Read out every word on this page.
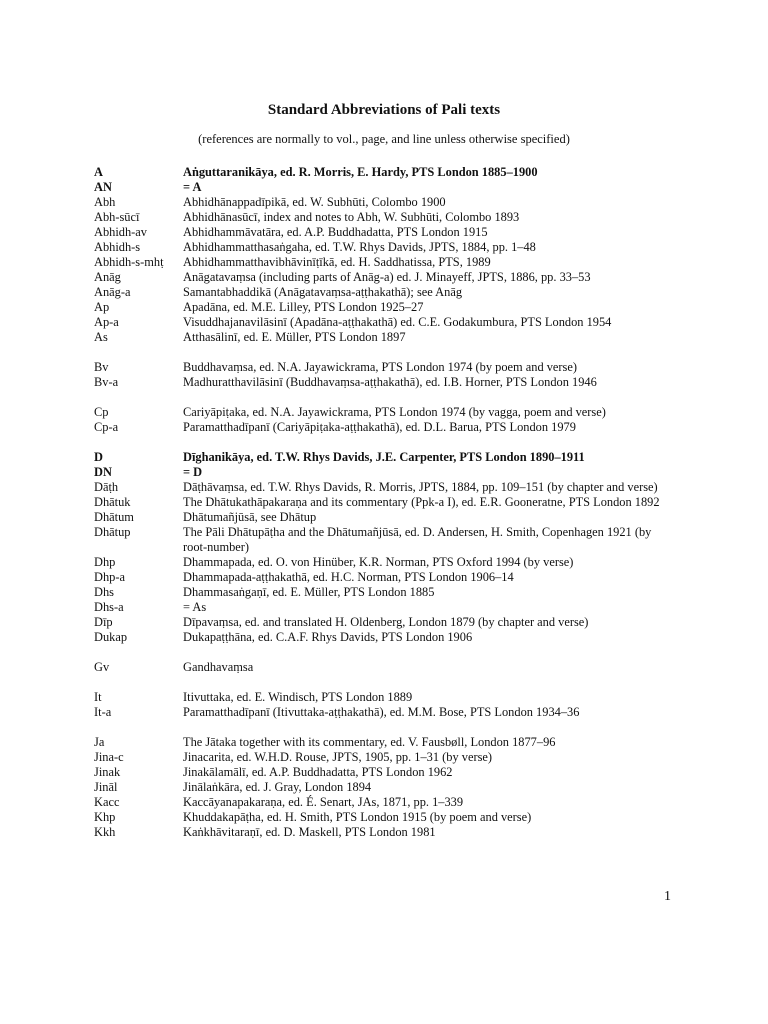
Standard Abbreviations of Pali texts
(references are normally to vol., page, and line unless otherwise specified)
A	Aṅguttaranikāya, ed. R. Morris, E. Hardy, PTS London 1885–1900
AN	= A
Abh	Abhidhānappadīpikā, ed. W. Subhūti, Colombo 1900
Abh-sūcī	Abhidhānasūcī, index and notes to Abh, W. Subhūti, Colombo 1893
Abhidh-av	Abhidhammāvatāra, ed. A.P. Buddhadatta, PTS London 1915
Abhidh-s	Abhidhammatthasaṅgaha, ed. T.W. Rhys Davids, JPTS, 1884, pp. 1–48
Abhidh-s-mhṭ	Abhidhammatthavibhāvinīṭīkā, ed. H. Saddhatissa, PTS, 1989
Anāg	Anāgatavaṃsa (including parts of Anāg-a) ed. J. Minayeff, JPTS, 1886, pp. 33–53
Anāg-a	Samantabhaddikā (Anāgatavaṃsa-aṭṭhakathā); see Anāg
Ap	Apadāna, ed. M.E. Lilley, PTS London 1925–27
Ap-a	Visuddhajanavilāsinī (Apadāna-aṭṭhakathā) ed. C.E. Godakumbura, PTS London 1954
As	Atthasālinī, ed. E. Müller, PTS London 1897
Bv	Buddhavaṃsa, ed. N.A. Jayawickrama, PTS London 1974 (by poem and verse)
Bv-a	Madhuratthavilāsinī (Buddhavaṃsa-aṭṭhakathā), ed. I.B. Horner, PTS London 1946
Cp	Cariyāpiṭaka, ed. N.A. Jayawickrama, PTS London 1974 (by vagga, poem and verse)
Cp-a	Paramatthadīpanī (Cariyāpiṭaka-aṭṭhakathā), ed. D.L. Barua, PTS London 1979
D	Dīghanikāya, ed. T.W. Rhys Davids, J.E. Carpenter, PTS London 1890–1911
DN	= D
Dāṭh	Dāṭhāvaṃsa, ed. T.W. Rhys Davids, R. Morris, JPTS, 1884, pp. 109–151 (by chapter and verse)
Dhātuk	The Dhātukathāpakaraṇa and its commentary (Ppk-a I), ed. E.R. Gooneratne, PTS London 1892
Dhātum	Dhātumañjūsā, see Dhātup
Dhātup	The Pāli Dhātupāṭha and the Dhātumañjūsā, ed. D. Andersen, H. Smith, Copenhagen 1921 (by root-number)
Dhp	Dhammapada, ed. O. von Hinüber, K.R. Norman, PTS Oxford 1994 (by verse)
Dhp-a	Dhammapada-aṭṭhakathā, ed. H.C. Norman, PTS London 1906–14
Dhs	Dhammasaṅgaṇī, ed. E. Müller, PTS London 1885
Dhs-a	= As
Dīp	Dīpavaṃsa, ed. and translated H. Oldenberg, London 1879 (by chapter and verse)
Dukap	Dukapaṭṭhāna, ed. C.A.F. Rhys Davids, PTS London 1906
Gv	Gandhavaṃsa
It	Itivuttaka, ed. E. Windisch, PTS London 1889
It-a	Paramatthadīpanī (Itivuttaka-aṭṭhakathā), ed. M.M. Bose, PTS London 1934–36
Ja	The Jātaka together with its commentary, ed. V. Fausbøll, London 1877–96
Jina-c	Jinacarita, ed. W.H.D. Rouse, JPTS, 1905, pp. 1–31 (by verse)
Jinak	Jinakālamālī, ed. A.P. Buddhadatta, PTS London 1962
Jināl	Jinālaṅkāra, ed. J. Gray, London 1894
Kacc	Kaccāyanapakaraṇa, ed. É. Senart, JAs, 1871, pp. 1–339
Khp	Khuddakapāṭha, ed. H. Smith, PTS London 1915 (by poem and verse)
Kkh	Kaṅkhāvitaraṇī, ed. D. Maskell, PTS London 1981
1
